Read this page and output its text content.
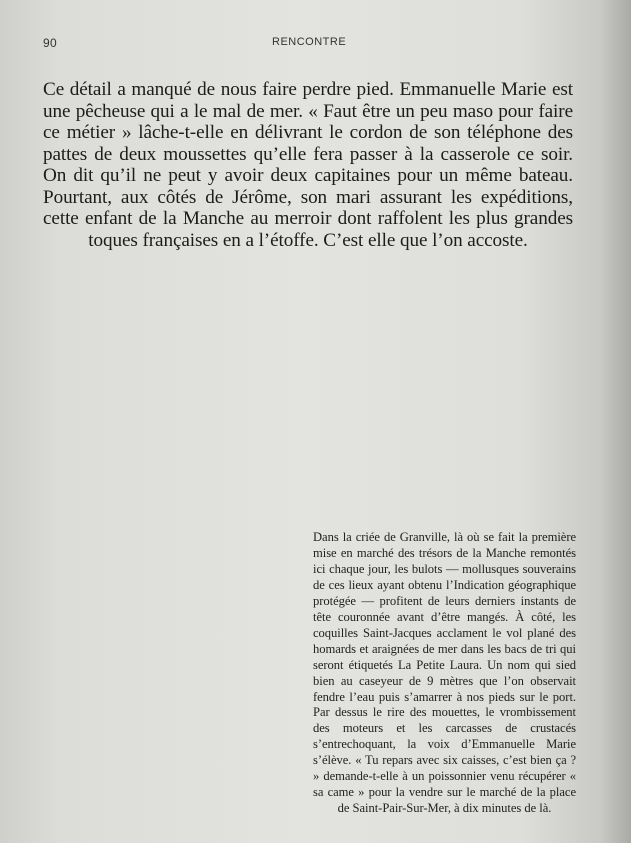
90	RENCONTRE

Ce détail a manqué de nous faire perdre pied. Emmanuelle Marie est une pêcheuse qui a le mal de mer. « Faut être un peu maso pour faire ce métier » lâche-t-elle en délivrant le cordon de son téléphone des pattes de deux moussettes qu’elle fera passer à la casserole ce soir. On dit qu’il ne peut y avoir deux capitaines pour un même bateau. Pourtant, aux côtés de Jérôme, son mari assurant les expéditions, cette enfant de la Manche au merroir dont raffolent les plus grandes toques françaises en a l’étoffe. C’est elle que l’on accoste.

Dans la criée de Granville, là où se fait la première mise en marché des trésors de la Manche remontés ici chaque jour, les bulots — mollusques souverains de ces lieux ayant obtenu l’Indication géographique protégée — profitent de leurs derniers instants de tête couronnée avant d’être mangés. À côté, les coquilles Saint-Jacques acclament le vol plané des homards et araignées de mer dans les bacs de tri qui seront étiquetés La Petite Laura. Un nom qui sied bien au caseyeur de 9 mètres que l’on observait fendre l’eau puis s’amarrer à nos pieds sur le port. Par dessus le rire des mouettes, le vrombissement des moteurs et les carcasses de crustacés s’entrechoquant, la voix d’Emmanuelle Marie s’élève. « Tu repars avec six caisses, c’est bien ça ? » demande-t-elle à un poissonnier venu récupérer « sa came » pour la vendre sur le marché de la place de Saint-Pair-Sur-Mer, à dix minutes de là.
